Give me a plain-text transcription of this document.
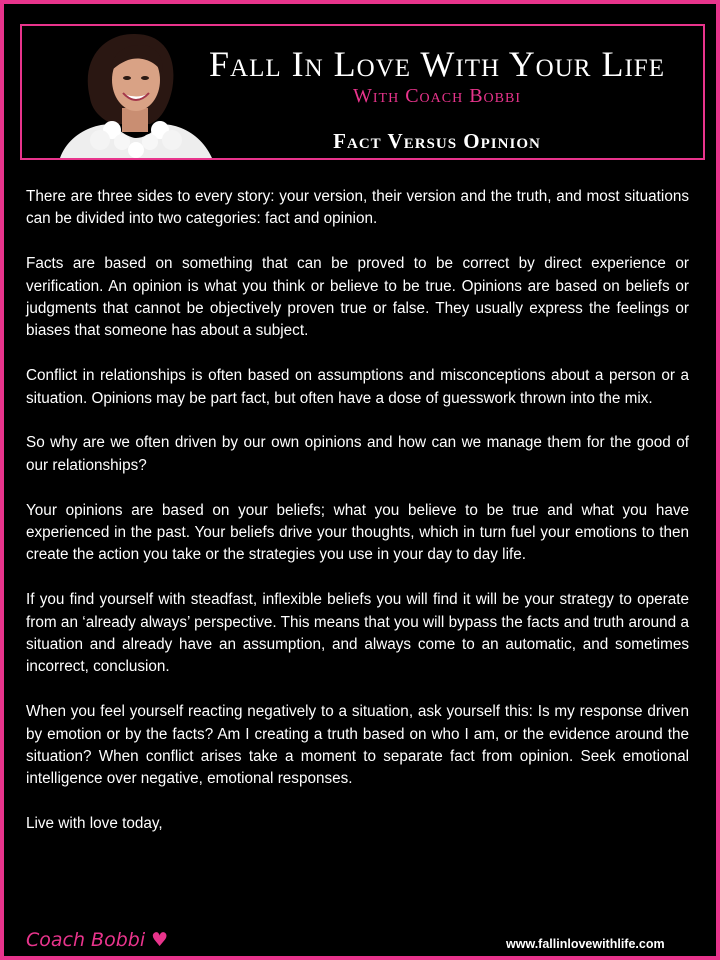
Fall In Love With Your Life
With Coach Bobbi
Fact Versus Opinion

There are three sides to every story: your version, their version and the truth, and most situations can be divided into two categories: fact and opinion.

Facts are based on something that can be proved to be correct by direct experience or verification. An opinion is what you think or believe to be true. Opinions are based on beliefs or judgments that cannot be objectively proven true or false. They usually express the feelings or biases that someone has about a subject.

Conflict in relationships is often based on assumptions and misconceptions about a person or a situation. Opinions may be part fact, but often have a dose of guesswork thrown into the mix.

So why are we often driven by our own opinions and how can we manage them for the good of our relationships?

Your opinions are based on your beliefs; what you believe to be true and what you have experienced in the past. Your beliefs drive your thoughts, which in turn fuel your emotions to then create the action you take or the strategies you use in your day to day life.

If you find yourself with steadfast, inflexible beliefs you will find it will be your strategy to operate from an ‘already always’ perspective. This means that you will bypass the facts and truth around a situation and already have an assumption, and always come to an automatic, and sometimes incorrect, conclusion.

When you feel yourself reacting negatively to a situation, ask yourself this: Is my response driven by emotion or by the facts? Am I creating a truth based on who I am, or the evidence around the situation? When conflict arises take a moment to separate fact from opinion. Seek emotional intelligence over negative, emotional responses.

Live with love today,

Coach Bobbi ♥	www.fallinlovewithlife.com
